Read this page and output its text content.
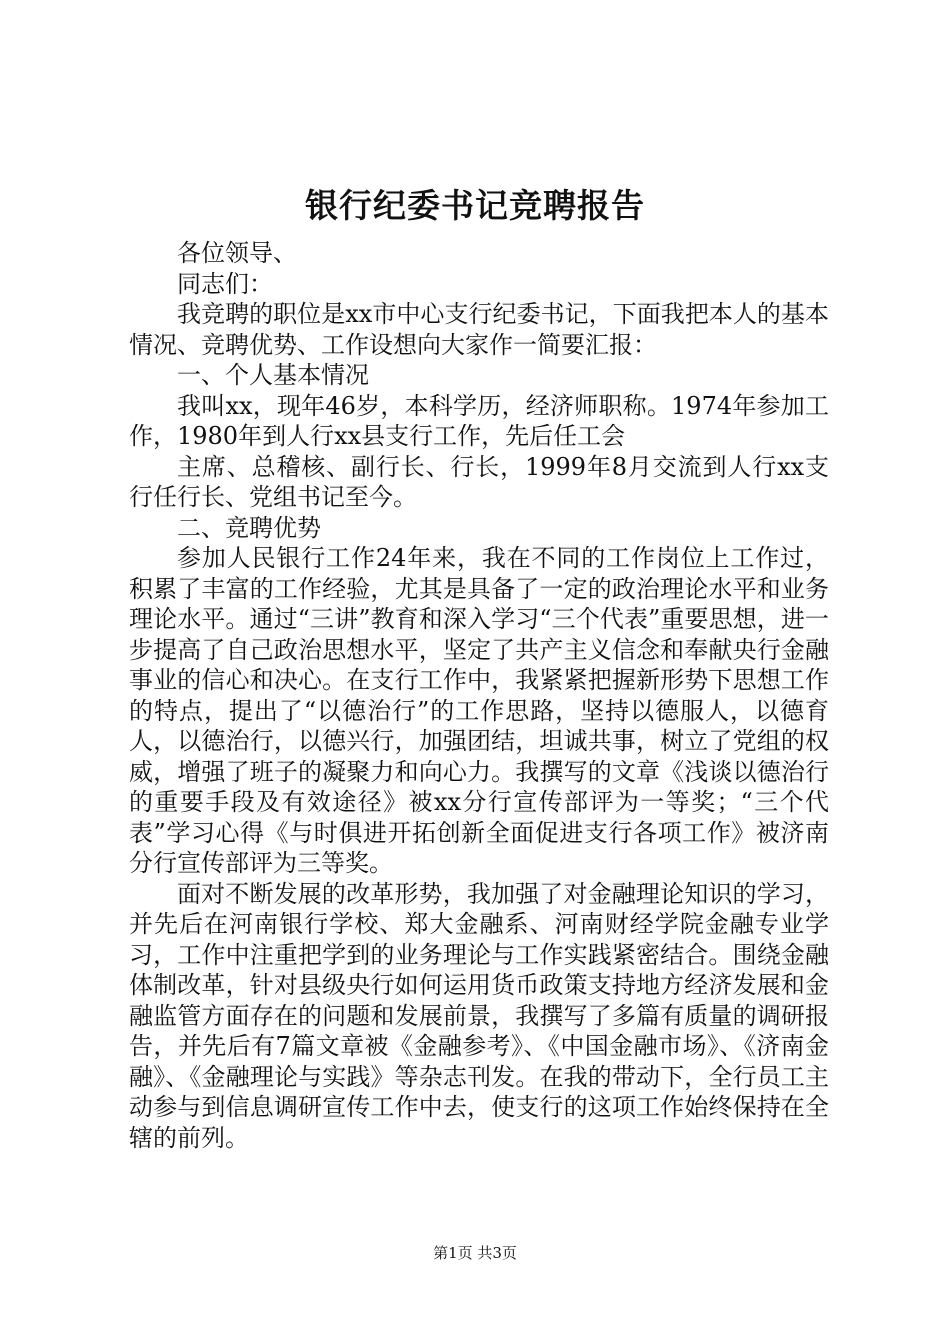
银行纪委书记竞聘报告

各位领导、

同志们：

我竞聘的职位是xx市中心支行纪委书记，下面我把本人的基本情况、竞聘优势、工作设想向大家作一简要汇报：

一、个人基本情况

我叫xx，现年46岁，本科学历，经济师职称。1974年参加工作，1980年到人行xx县支行工作，先后任工会

主席、总稽核、副行长、行长，1999年8月交流到人行xx支行任行长、党组书记至今。

二、竞聘优势

参加人民银行工作24年来，我在不同的工作岗位上工作过，积累了丰富的工作经验，尤其是具备了一定的政治理论水平和业务理论水平。通过“三讲”教育和深入学习“三个代表”重要思想，进一步提高了自己政治思想水平，坚定了共产主义信念和奉献央行金融事业的信心和决心。在支行工作中，我紧紧把握新形势下思想工作的特点，提出了“以德治行”的工作思路，坚持以德服人，以德育人，以德治行，以德兴行，加强团结，坦诚共事，树立了党组的权威，增强了班子的凝聚力和向心力。我撰写的文章《浅谈以德治行的重要手段及有效途径》被xx分行宣传部评为一等奖；“三个代表”学习心得《与时俱进开拓创新全面促进支行各项工作》被济南分行宣传部评为三等奖。

面对不断发展的改革形势，我加强了对金融理论知识的学习，并先后在河南银行学校、郑大金融系、河南财经学院金融专业学习，工作中注重把学到的业务理论与工作实践紧密结合。围绕金融体制改革，针对县级央行如何运用货币政策支持地方经济发展和金融监管方面存在的问题和发展前景，我撰写了多篇有质量的调研报告，并先后有7篇文章被《金融参考》、《中国金融市场》、《济南金融》、《金融理论与实践》等杂志刊发。在我的带动下，全行员工主动参与到信息调研宣传工作中去，使支行的这项工作始终保持在全辖的前列。

第1页 共3页
